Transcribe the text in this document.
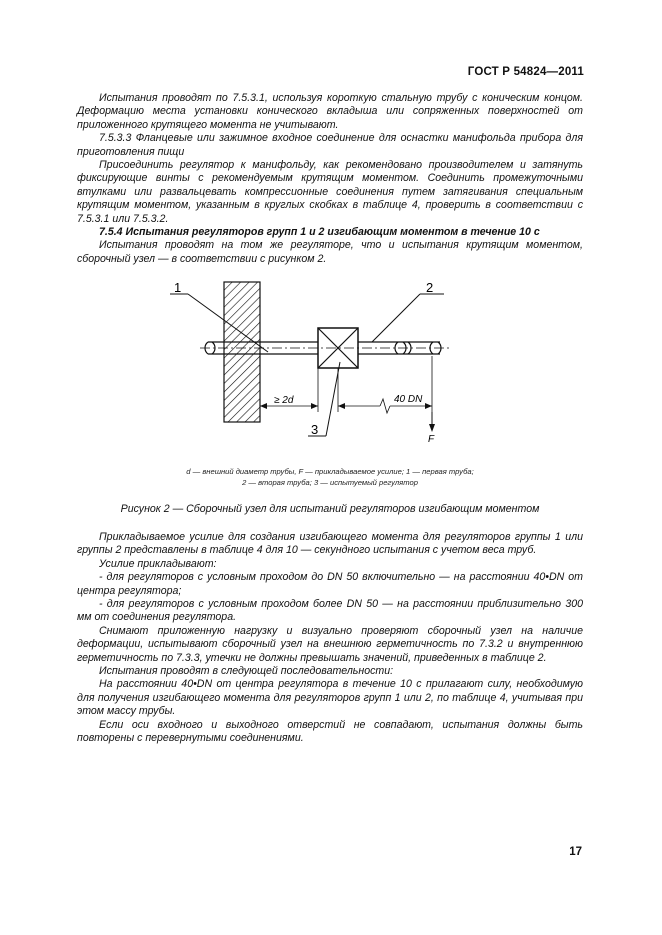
ГОСТ Р 54824—2011

Испытания проводят по 7.5.3.1, используя короткую стальную трубу с коническим концом. Деформацию места установки конического вкладыша или сопряженных поверхностей от приложенного крутящего момента не учитывают.

7.5.3.3 Фланцевые или зажимное входное соединение для оснастки манифольда прибора для приготовления пищи

Присоединить регулятор к манифольду, как рекомендовано производителем и затянуть фиксирующие винты с рекомендуемым крутящим моментом. Соединить промежуточными втулками или развальцевать компрессионные соединения путем затягивания специальным крутящим моментом, указанным в круглых скобках в таблице 4, проверить в соответствии с 7.5.3.1 или 7.5.3.2.

7.5.4 Испытания регуляторов групп 1 и 2 изгибающим моментом в течение 10 с

Испытания проводят на том же регуляторе, что и испытания крутящим моментом, сборочный узел — в соответствии с рисунком 2.

1	2
3
≥ 2d	40 DN
F
d — внешний диаметр трубы, F — прикладываемое усилие; 1 — первая труба;
2 — вторая труба; 3 — испытуемый регулятор
Рисунок 2 — Сборочный узел для испытаний регуляторов изгибающим моментом

Прикладываемое усилие для создания изгибающего момента для регуляторов группы 1 или группы 2 представлены в таблице 4 для 10 — секундного испытания с учетом веса труб.

Усилие прикладывают:

- для регуляторов с условным проходом до DN 50 включительно — на расстоянии 40•DN от центра регулятора;

- для регуляторов с условным проходом более DN 50 — на расстоянии приблизительно 300 мм от соединения регулятора.

Снимают приложенную нагрузку и визуально проверяют сборочный узел на наличие деформации, испытывают сборочный узел на внешнюю герметичность по 7.3.2 и внутреннюю герметичность по 7.3.3, утечки не должны превышать значений, приведенных в таблице 2.

Испытания проводят в следующей последовательности:

На расстоянии 40•DN от центра регулятора в течение 10 с прилагают силу, необходимую для получения изгибающего момента для регуляторов групп 1 или 2, по таблице 4, учитывая при этом массу трубы.

Если оси входного и выходного отверстий не совпадают, испытания должны быть повторены с перевернутыми соединениями.

17
